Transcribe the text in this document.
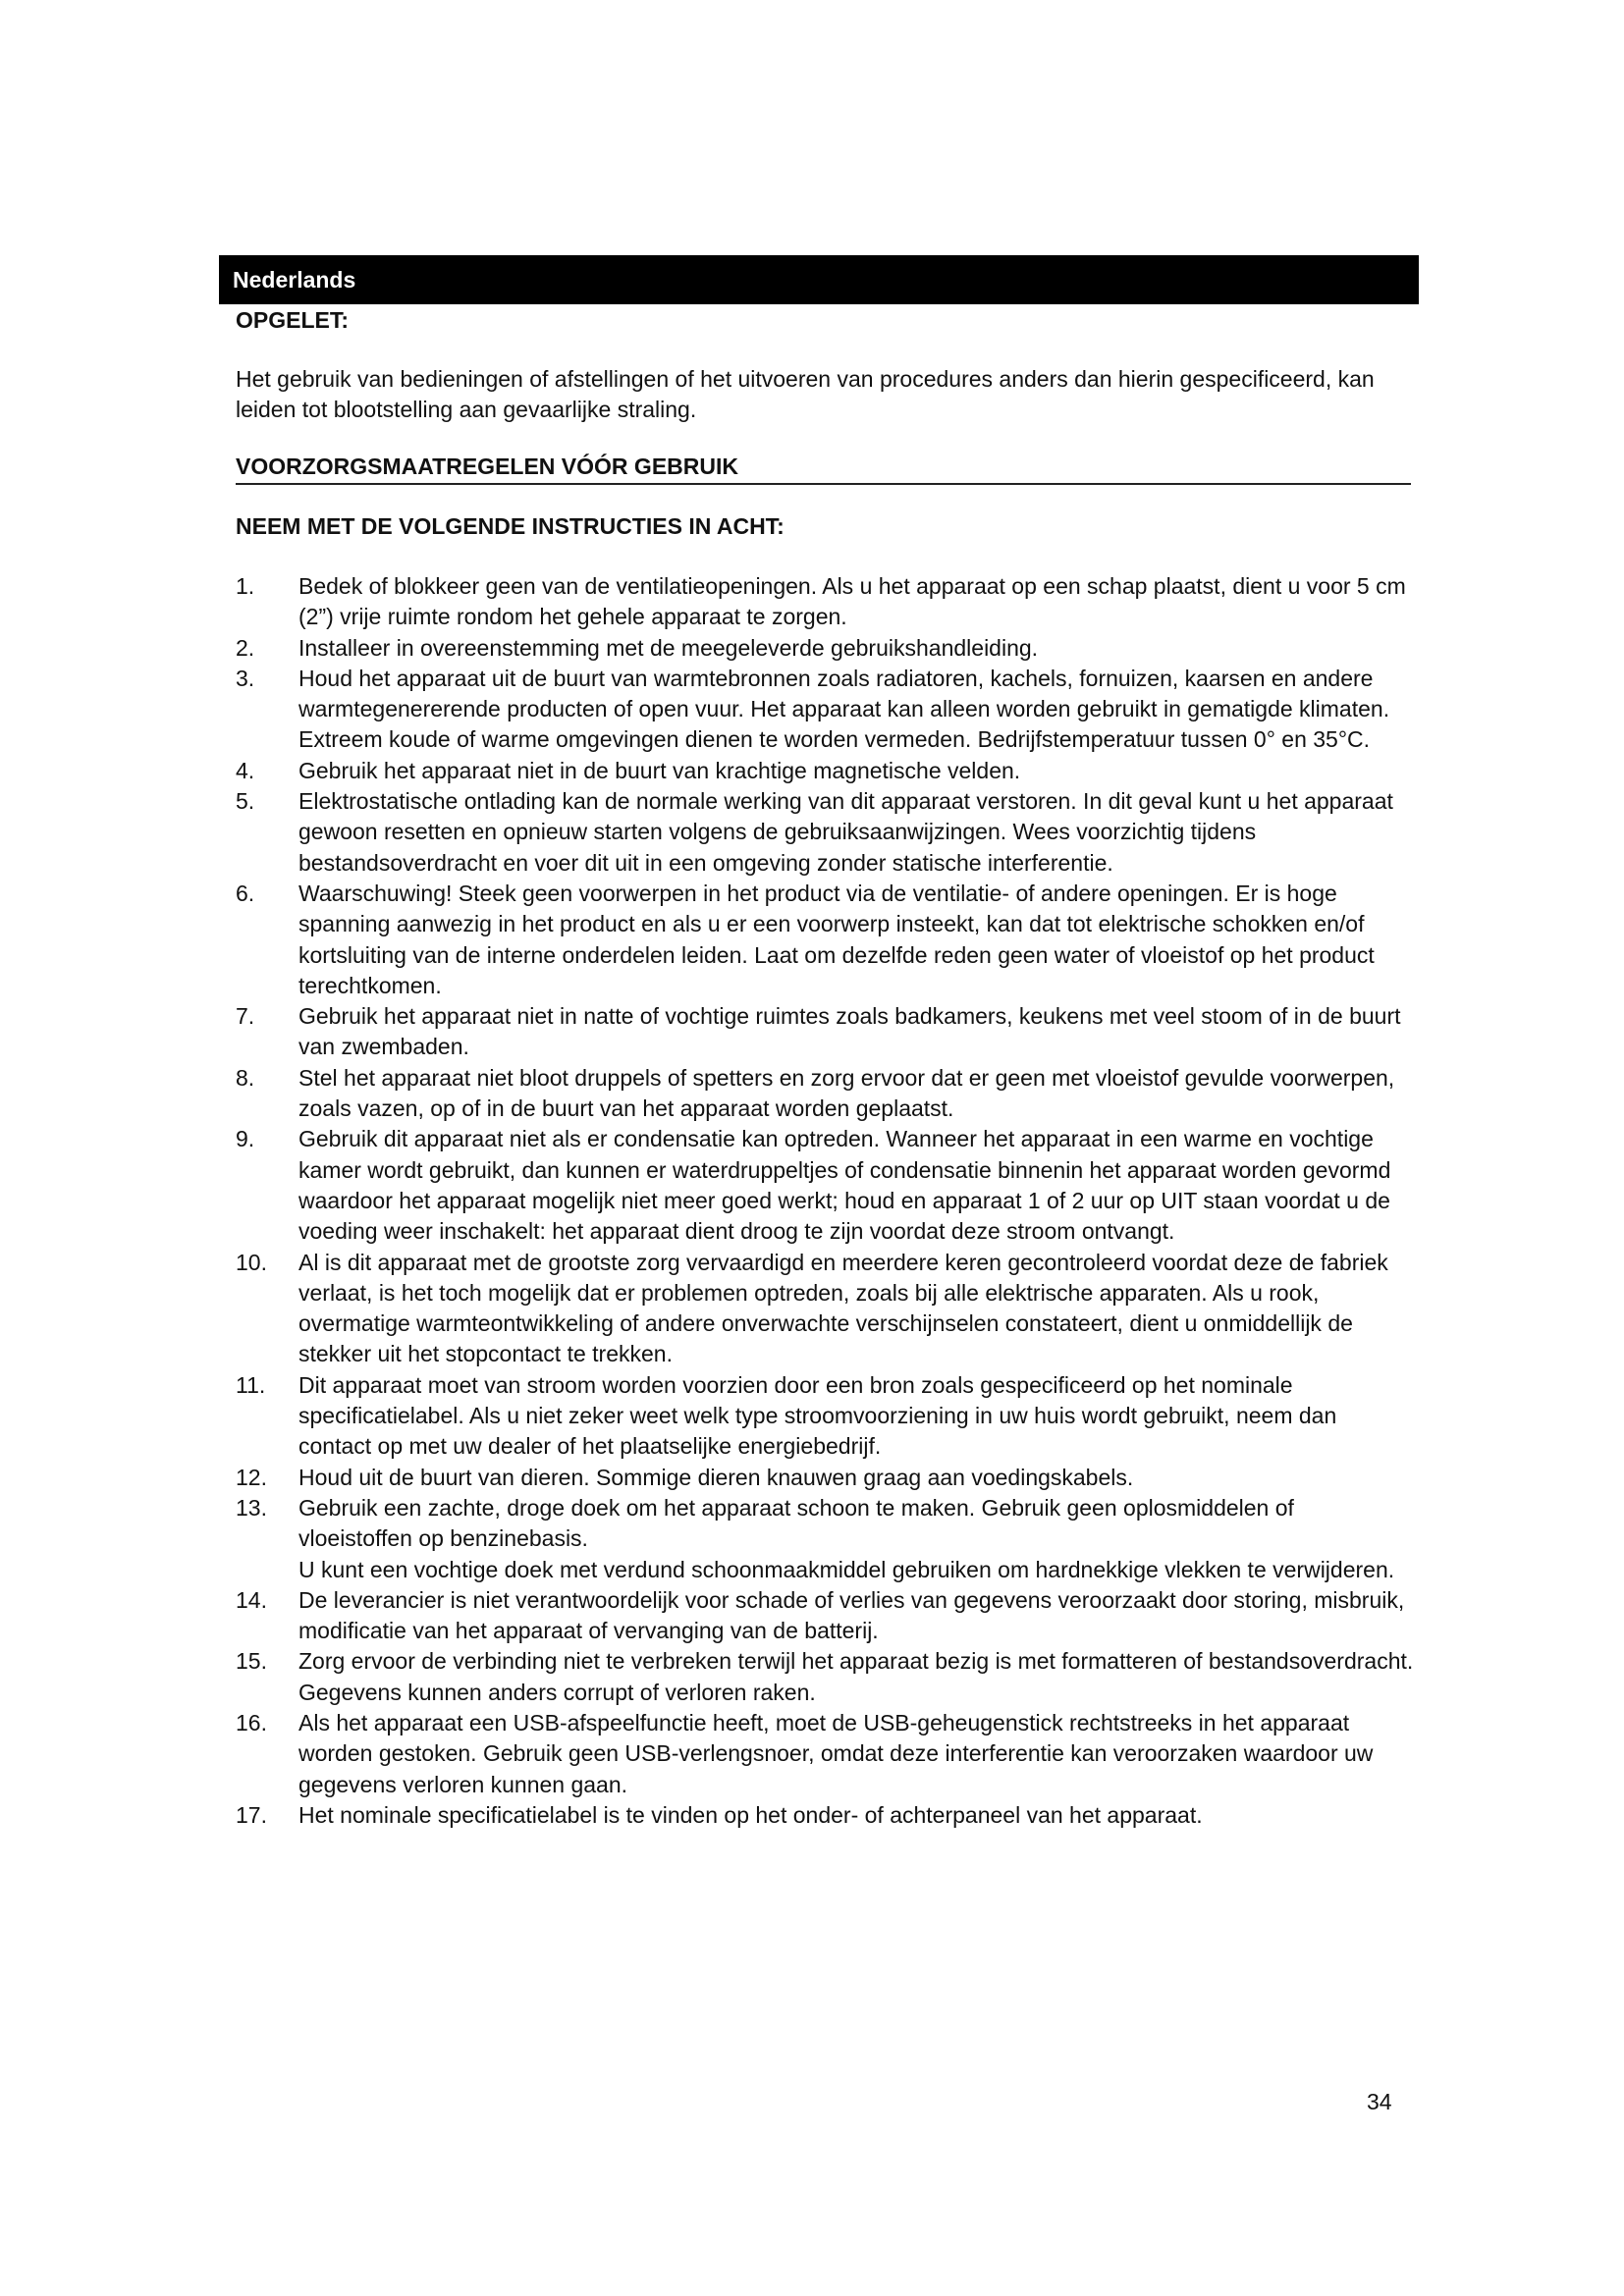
Nederlands
OPGELET:
Het gebruik van bedieningen of afstellingen of het uitvoeren van procedures anders dan hierin gespecificeerd, kan leiden tot blootstelling aan gevaarlijke straling.
VOORZORGSMAATREGELEN VÓÓR GEBRUIK
NEEM MET DE VOLGENDE INSTRUCTIES IN ACHT:
1. Bedek of blokkeer geen van de ventilatieopeningen. Als u het apparaat op een schap plaatst, dient u voor 5 cm (2”) vrije ruimte rondom het gehele apparaat te zorgen.
2. Installeer in overeenstemming met de meegeleverde gebruikshandleiding.
3. Houd het apparaat uit de buurt van warmtebronnen zoals radiatoren, kachels, fornuizen, kaarsen en andere warmtegenererende producten of open vuur. Het apparaat kan alleen worden gebruikt in gematigde klimaten. Extreem koude of warme omgevingen dienen te worden vermeden. Bedrijfstemperatuur tussen 0° en 35°C.
4. Gebruik het apparaat niet in de buurt van krachtige magnetische velden.
5. Elektrostatische ontlading kan de normale werking van dit apparaat verstoren. In dit geval kunt u het apparaat gewoon resetten en opnieuw starten volgens de gebruiksaanwijzingen. Wees voorzichtig tijdens bestandsoverdracht en voer dit uit in een omgeving zonder statische interferentie.
6. Waarschuwing! Steek geen voorwerpen in het product via de ventilatie- of andere openingen. Er is hoge spanning aanwezig in het product en als u er een voorwerp insteekt, kan dat tot elektrische schokken en/of kortsluiting van de interne onderdelen leiden. Laat om dezelfde reden geen water of vloeistof op het product terechtkomen.
7. Gebruik het apparaat niet in natte of vochtige ruimtes zoals badkamers, keukens met veel stoom of in de buurt van zwembaden.
8. Stel het apparaat niet bloot druppels of spetters en zorg ervoor dat er geen met vloeistof gevulde voorwerpen, zoals vazen, op of in de buurt van het apparaat worden geplaatst.
9. Gebruik dit apparaat niet als er condensatie kan optreden. Wanneer het apparaat in een warme en vochtige kamer wordt gebruikt, dan kunnen er waterdruppeltjes of condensatie binnenin het apparaat worden gevormd waardoor het apparaat mogelijk niet meer goed werkt; houd en apparaat 1 of 2 uur op UIT staan voordat u de voeding weer inschakelt: het apparaat dient droog te zijn voordat deze stroom ontvangt.
10. Al is dit apparaat met de grootste zorg vervaardigd en meerdere keren gecontroleerd voordat deze de fabriek verlaat, is het toch mogelijk dat er problemen optreden, zoals bij alle elektrische apparaten. Als u rook, overmatige warmteontwikkeling of andere onverwachte verschijnselen constateert, dient u onmiddellijk de stekker uit het stopcontact te trekken.
11. Dit apparaat moet van stroom worden voorzien door een bron zoals gespecificeerd op het nominale specificatielabel. Als u niet zeker weet welk type stroomvoorziening in uw huis wordt gebruikt, neem dan contact op met uw dealer of het plaatselijke energiebedrijf.
12. Houd uit de buurt van dieren. Sommige dieren knauwen graag aan voedingskabels.
13. Gebruik een zachte, droge doek om het apparaat schoon te maken. Gebruik geen oplosmiddelen of vloeistoffen op benzinebasis.
U kunt een vochtige doek met verdund schoonmaakmiddel gebruiken om hardnekkige vlekken te verwijderen.
14. De leverancier is niet verantwoordelijk voor schade of verlies van gegevens veroorzaakt door storing, misbruik, modificatie van het apparaat of vervanging van de batterij.
15. Zorg ervoor de verbinding niet te verbreken terwijl het apparaat bezig is met formatteren of bestandsoverdracht. Gegevens kunnen anders corrupt of verloren raken.
16. Als het apparaat een USB-afspeelfunctie heeft, moet de USB-geheugenstick rechtstreeks in het apparaat worden gestoken. Gebruik geen USB-verlengsnoer, omdat deze interferentie kan veroorzaken waardoor uw gegevens verloren kunnen gaan.
17. Het nominale specificatielabel is te vinden op het onder- of achterpaneel van het apparaat.
34
